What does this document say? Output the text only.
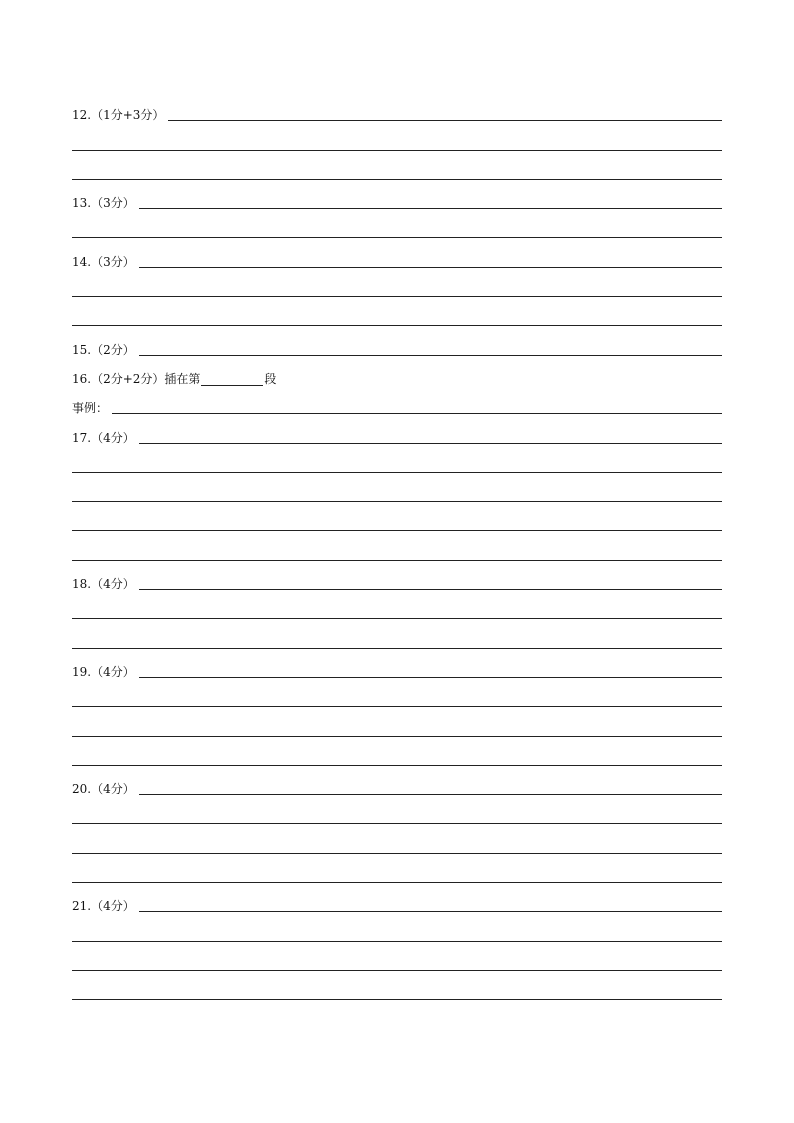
12.（1分+3分）
13.（3分）
14.（3分）
15.（2分）
16.（2分+2分）插在第	段
事例：
17.（4分）
18.（4分）
19.（4分）
20.（4分）
21.（4分）
